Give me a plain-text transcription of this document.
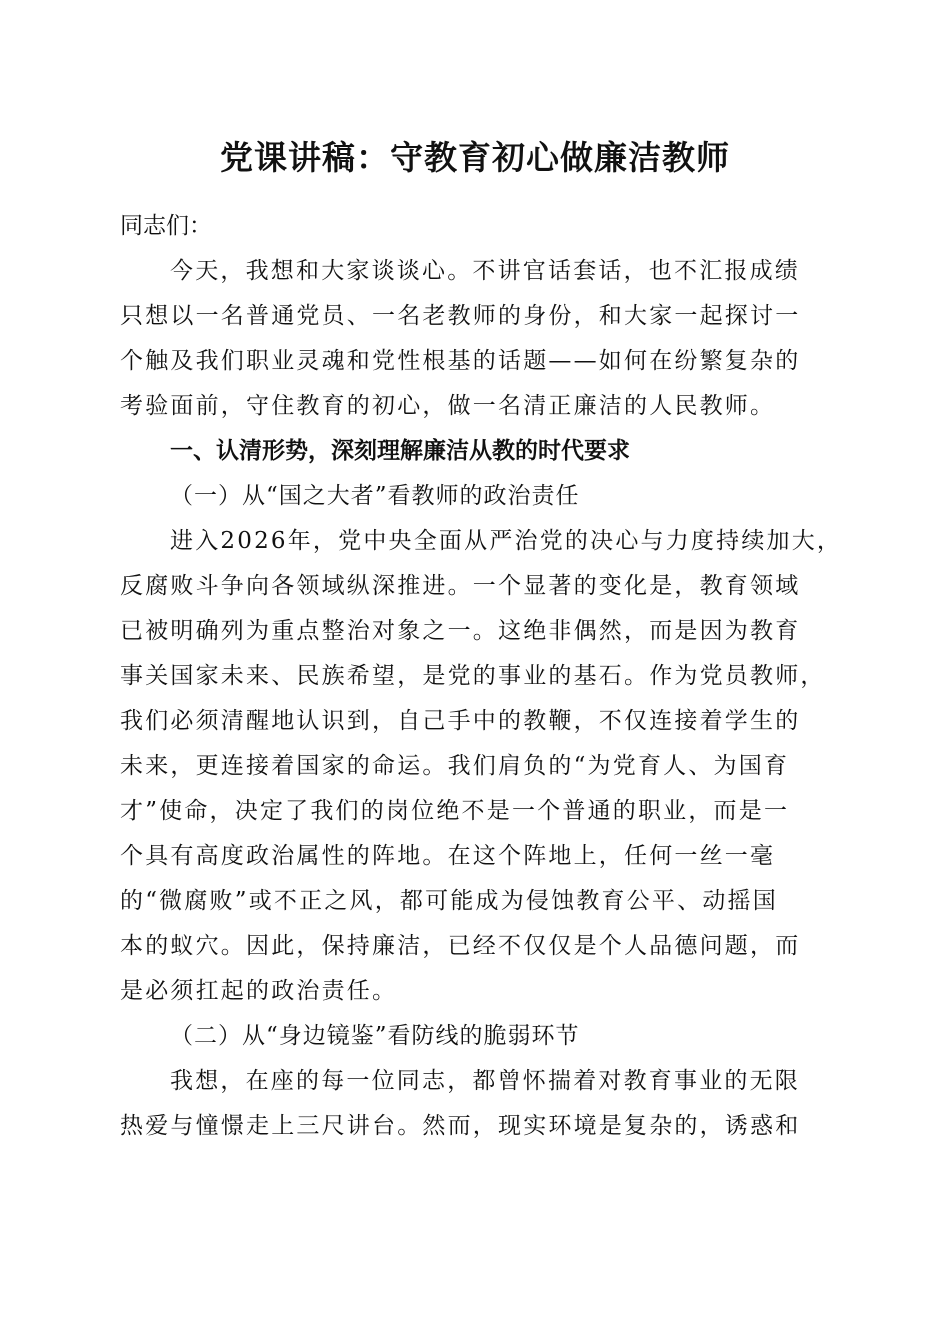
党课讲稿：守教育初心做廉洁教师
同志们：
今天，我想和大家谈谈心。不讲官话套话，也不汇报成绩
只想以一名普通党员、一名老教师的身份，和大家一起探讨一
个触及我们职业灵魂和党性根基的话题——如何在纷繁复杂的
考验面前，守住教育的初心，做一名清正廉洁的人民教师。
一、认清形势，深刻理解廉洁从教的时代要求
（一）从“国之大者”看教师的政治责任
进入2026年，党中央全面从严治党的决心与力度持续加大，
反腐败斗争向各领域纵深推进。一个显著的变化是，教育领域
已被明确列为重点整治对象之一。这绝非偶然，而是因为教育
事关国家未来、民族希望，是党的事业的基石。作为党员教师，
我们必须清醒地认识到，自己手中的教鞭，不仅连接着学生的
未来，更连接着国家的命运。我们肩负的“为党育人、为国育
才”使命，决定了我们的岗位绝不是一个普通的职业，而是一
个具有高度政治属性的阵地。在这个阵地上，任何一丝一毫
的“微腐败”或不正之风，都可能成为侵蚀教育公平、动摇国
本的蚁穴。因此，保持廉洁，已经不仅仅是个人品德问题，而
是必须扛起的政治责任。
（二）从“身边镜鉴”看防线的脆弱环节
我想，在座的每一位同志，都曾怀揣着对教育事业的无限
热爱与憧憬走上三尺讲台。然而，现实环境是复杂的，诱惑和
